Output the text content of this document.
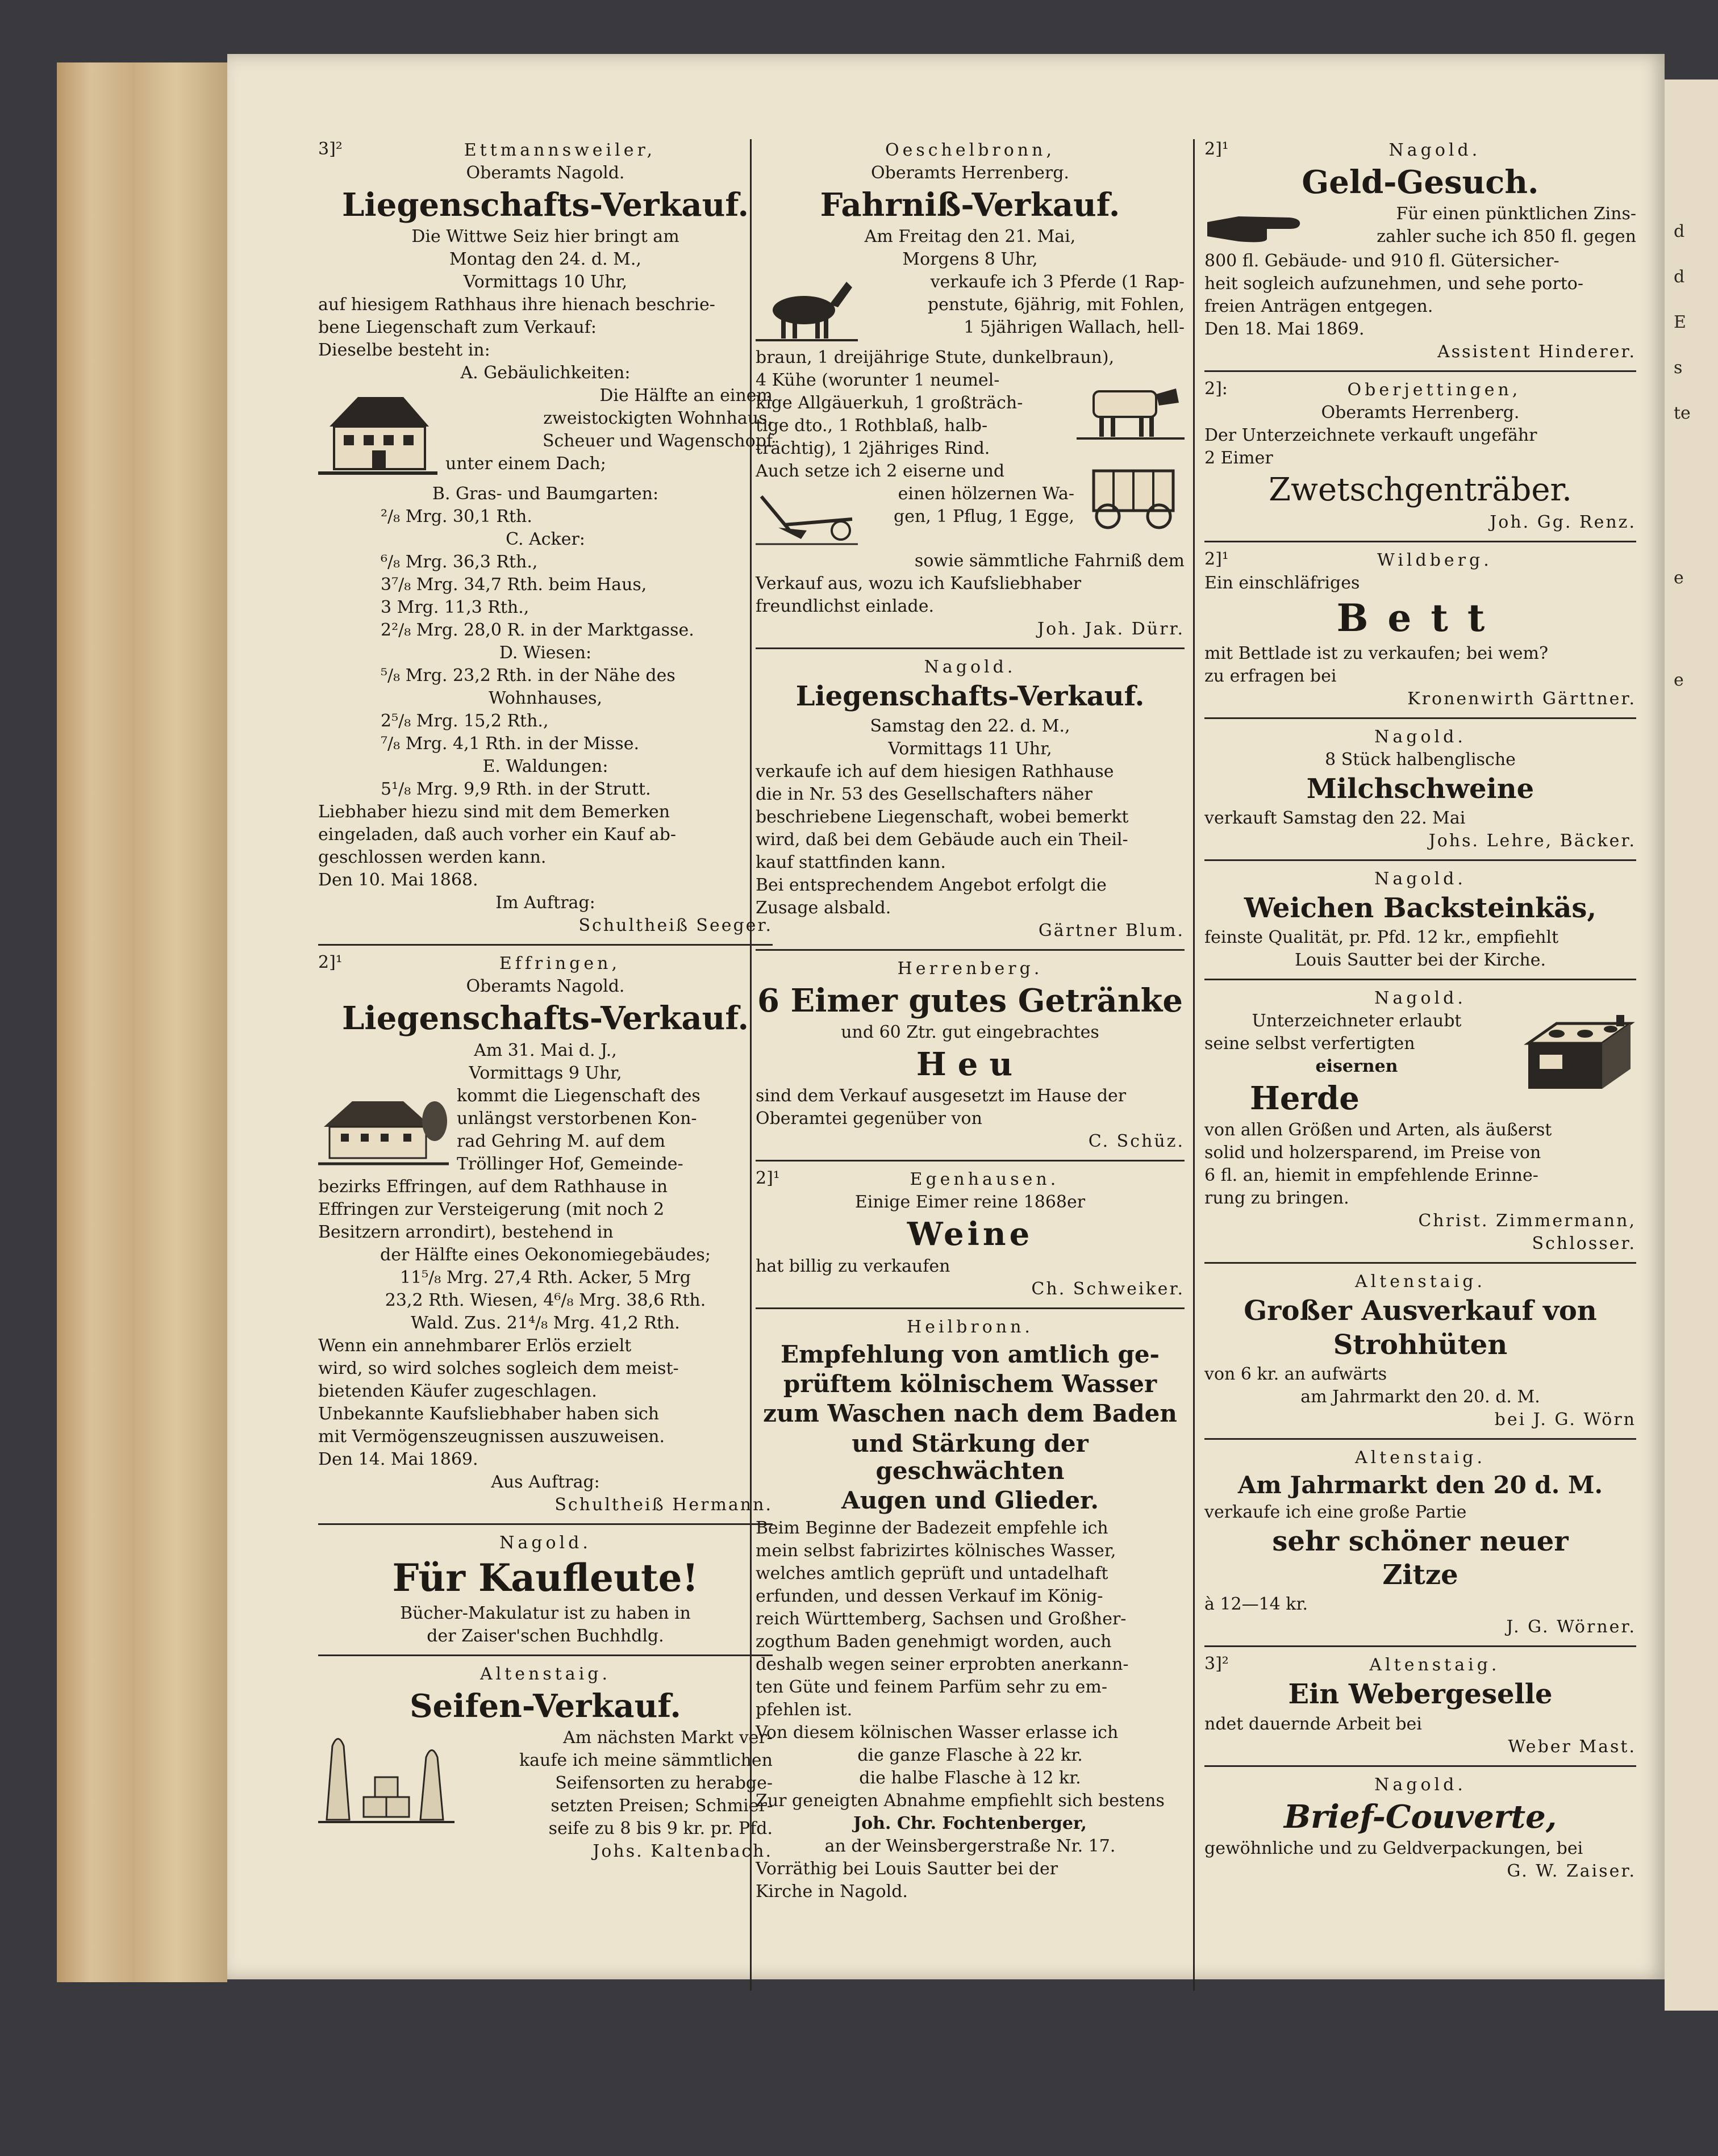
d
d
E
s
te
e
e
3]²	Ettmannsweiler,
Oberamts Nagold.
Liegenschafts-Verkauf.
Die Wittwe Seiz hier bringt am
Montag den 24. d. M.,
Vormittags 10 Uhr,
auf hiesigem Rathhaus ihre hienach beschrie-
bene Liegenschaft zum Verkauf:
Dieselbe besteht in:
A. Gebäulichkeiten:
Die Hälfte an einem
zweistockigten Wohnhaus,
Scheuer und Wagenschopf
unter einem Dach;
B. Gras- und Baumgarten:
²/₈ Mrg. 30,1 Rth.
C. Acker:
⁶/₈ Mrg. 36,3 Rth.,
3⁷/₈ Mrg. 34,7 Rth. beim Haus,
3 Mrg. 11,3 Rth.,
2²/₈ Mrg. 28,0 R. in der Marktgasse.
D. Wiesen:
⁵/₈ Mrg. 23,2 Rth. in der Nähe des
Wohnhauses,
2⁵/₈ Mrg. 15,2 Rth.,
⁷/₈ Mrg. 4,1 Rth. in der Misse.
E. Waldungen:
5¹/₈ Mrg. 9,9 Rth. in der Strutt.
Liebhaber hiezu sind mit dem Bemerken
eingeladen, daß auch vorher ein Kauf ab-
geschlossen werden kann.
Den 10. Mai 1868.
Im Auftrag:
Schultheiß Seeger.
2]¹	Effringen,
Oberamts Nagold.
Liegenschafts-Verkauf.
Am 31. Mai d. J.,
Vormittags 9 Uhr,
kommt die Liegenschaft des
unlängst verstorbenen Kon-
rad Gehring M. auf dem
Tröllinger Hof, Gemeinde-
bezirks Effringen, auf dem Rathhause in
Effringen zur Versteigerung (mit noch 2
Besitzern arrondirt), bestehend in
der Hälfte eines Oekonomiegebäudes;
11⁵/₈ Mrg. 27,4 Rth. Acker, 5 Mrg
23,2 Rth. Wiesen, 4⁶/₈ Mrg. 38,6 Rth.
Wald. Zus. 21⁴/₈ Mrg. 41,2 Rth.
Wenn ein annehmbarer Erlös erzielt
wird, so wird solches sogleich dem meist-
bietenden Käufer zugeschlagen.
Unbekannte Kaufsliebhaber haben sich
mit Vermögenszeugnissen auszuweisen.
Den 14. Mai 1869.
Aus Auftrag:
Schultheiß Hermann.
Nagold.
Für Kaufleute!
Bücher-Makulatur ist zu haben in
der Zaiser'schen Buchhdlg.
Altenstaig.
Seifen-Verkauf.
Am nächsten Markt ver-
kaufe ich meine sämmtlichen
Seifensorten zu herabge-
setzten Preisen; Schmier-
seife zu 8 bis 9 kr. pr. Pfd.
Johs. Kaltenbach.
Oeschelbronn,
Oberamts Herrenberg.
Fahrniß-Verkauf.
Am Freitag den 21. Mai,
Morgens 8 Uhr,
verkaufe ich 3 Pferde (1 Rap-
penstute, 6jährig, mit Fohlen,
1 5jährigen Wallach, hell-
braun, 1 dreijährige Stute, dunkelbraun),
4 Kühe (worunter 1 neumel-
kige Allgäuerkuh, 1 großträch-
tige dto., 1 Rothblaß, halb-
trächtig), 1 2jähriges Rind.
Auch setze ich 2 eiserne und
einen hölzernen Wa-
gen, 1 Pflug, 1 Egge,
sowie sämmtliche Fahrniß dem
Verkauf aus, wozu ich Kaufsliebhaber
freundlichst einlade.
Joh. Jak. Dürr.
Nagold.
Liegenschafts-Verkauf.
Samstag den 22. d. M.,
Vormittags 11 Uhr,
verkaufe ich auf dem hiesigen Rathhause
die in Nr. 53 des Gesellschafters näher
beschriebene Liegenschaft, wobei bemerkt
wird, daß bei dem Gebäude auch ein Theil-
kauf stattfinden kann.
Bei entsprechendem Angebot erfolgt die
Zusage alsbald.
Gärtner Blum.
Herrenberg.
6 Eimer gutes Getränke
und 60 Ztr. gut eingebrachtes
Heu
sind dem Verkauf ausgesetzt im Hause der
Oberamtei gegenüber von
C. Schüz.
2]¹	Egenhausen.
Einige Eimer reine 1868er
Weine
hat billig zu verkaufen
Ch. Schweiker.
Heilbronn.
Empfehlung von amtlich ge-
prüftem kölnischem Wasser
zum Waschen nach dem Baden
und Stärkung der geschwächten
Augen und Glieder.
Beim Beginne der Badezeit empfehle ich
mein selbst fabrizirtes kölnisches Wasser,
welches amtlich geprüft und untadelhaft
erfunden, und dessen Verkauf im König-
reich Württemberg, Sachsen und Großher-
zogthum Baden genehmigt worden, auch
deshalb wegen seiner erprobten anerkann-
ten Güte und feinem Parfüm sehr zu em-
pfehlen ist.
Von diesem kölnischen Wasser erlasse ich
die ganze Flasche à 22 kr.
die halbe Flasche à 12 kr.
Zur geneigten Abnahme empfiehlt sich bestens
Joh. Chr. Fochtenberger,
an der Weinsbergerstraße Nr. 17.
Vorräthig bei Louis Sautter bei der
Kirche in Nagold.
2]¹	Nagold.
Geld-Gesuch.
Für einen pünktlichen Zins-
zahler suche ich 850 fl. gegen
800 fl. Gebäude- und 910 fl. Gütersicher-
heit sogleich aufzunehmen, und sehe porto-
freien Anträgen entgegen.
Den 18. Mai 1869.
Assistent Hinderer.
2]:	Oberjettingen,
Oberamts Herrenberg.
Der Unterzeichnete verkauft ungefähr
2 Eimer
Zwetschgenträber.
Joh. Gg. Renz.
2]¹	Wildberg.
Ein einschläfriges
Bett
mit Bettlade ist zu verkaufen; bei wem?
zu erfragen bei
Kronenwirth Gärttner.
Nagold.
8 Stück halbenglische
Milchschweine
verkauft Samstag den 22. Mai
Johs. Lehre, Bäcker.
Nagold.
Weichen Backsteinkäs,
feinste Qualität, pr. Pfd. 12 kr., empfiehlt
Louis Sautter bei der Kirche.
Nagold.
Unterzeichneter erlaubt
seine selbst verfertigten
eisernen
Herde
von allen Größen und Arten, als äußerst
solid und holzersparend, im Preise von
6 fl. an, hiemit in empfehlende Erinne-
rung zu bringen.
Christ. Zimmermann,
Schlosser.
Altenstaig.
Großer Ausverkauf von
Strohhüten
von 6 kr. an aufwärts
am Jahrmarkt den 20. d. M.
bei J. G. Wörn
Altenstaig.
Am Jahrmarkt den 20 d. M.
verkaufe ich eine große Partie
sehr schöner neuer
Zitze
à 12—14 kr.
J. G. Wörner.
3]²	Altenstaig.
Ein Webergeselle
ndet dauernde Arbeit bei
Weber Mast.
Nagold.
Brief-Couverte,
gewöhnliche und zu Geldverpackungen, bei
G. W. Zaiser.
